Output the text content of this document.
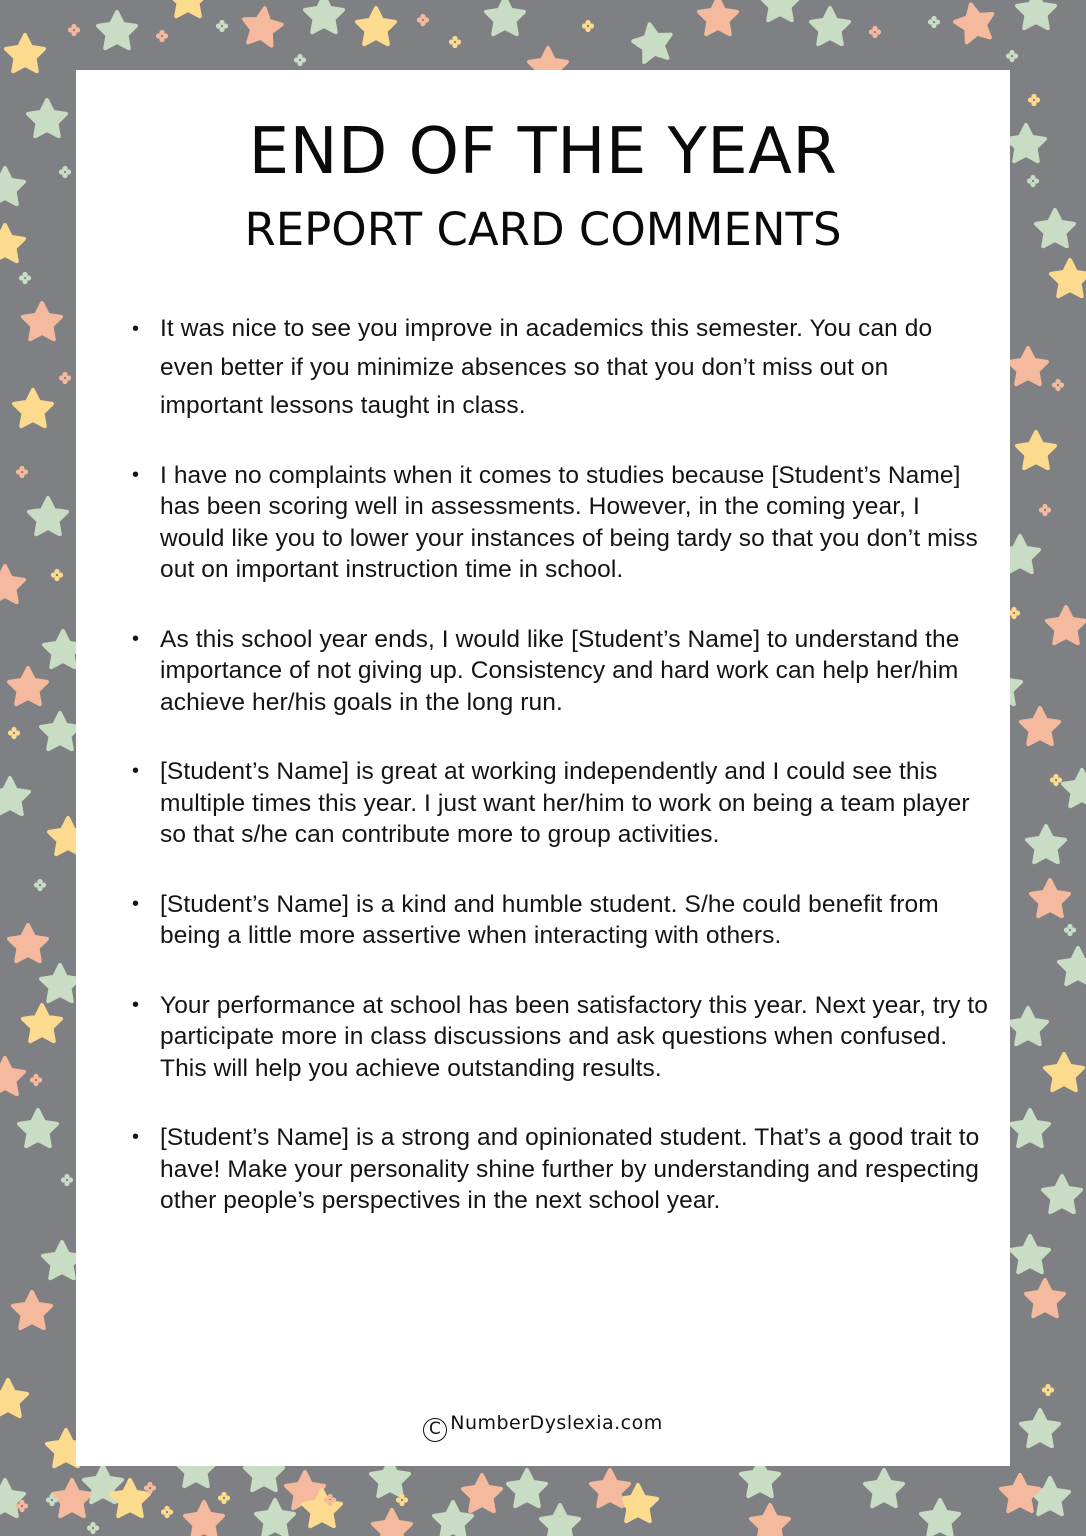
END OF THE YEAR
REPORT CARD COMMENTS
• It was nice to see you improve in academics this semester. You can do even better if you minimize absences so that you don’t miss out on important lessons taught in class.
• I have no complaints when it comes to studies because [Student’s Name] has been scoring well in assessments. However, in the coming year, I would like you to lower your instances of being tardy so that you don’t miss out on important instruction time in school.
• As this school year ends, I would like [Student’s Name] to understand the importance of not giving up. Consistency and hard work can help her/him achieve her/his goals in the long run.
• [Student’s Name] is great at working independently and I could see this multiple times this year. I just want her/him to work on being a team player so that s/he can contribute more to group activities.
• [Student’s Name] is a kind and humble student. S/he could benefit from being a little more assertive when interacting with others.
• Your performance at school has been satisfactory this year. Next year, try to participate more in class discussions and ask questions when confused. This will help you achieve outstanding results.
• [Student’s Name] is a strong and opinionated student. That’s a good trait to have! Make your personality shine further by understanding and respecting other people’s perspectives in the next school year.
C NumberDyslexia.com
